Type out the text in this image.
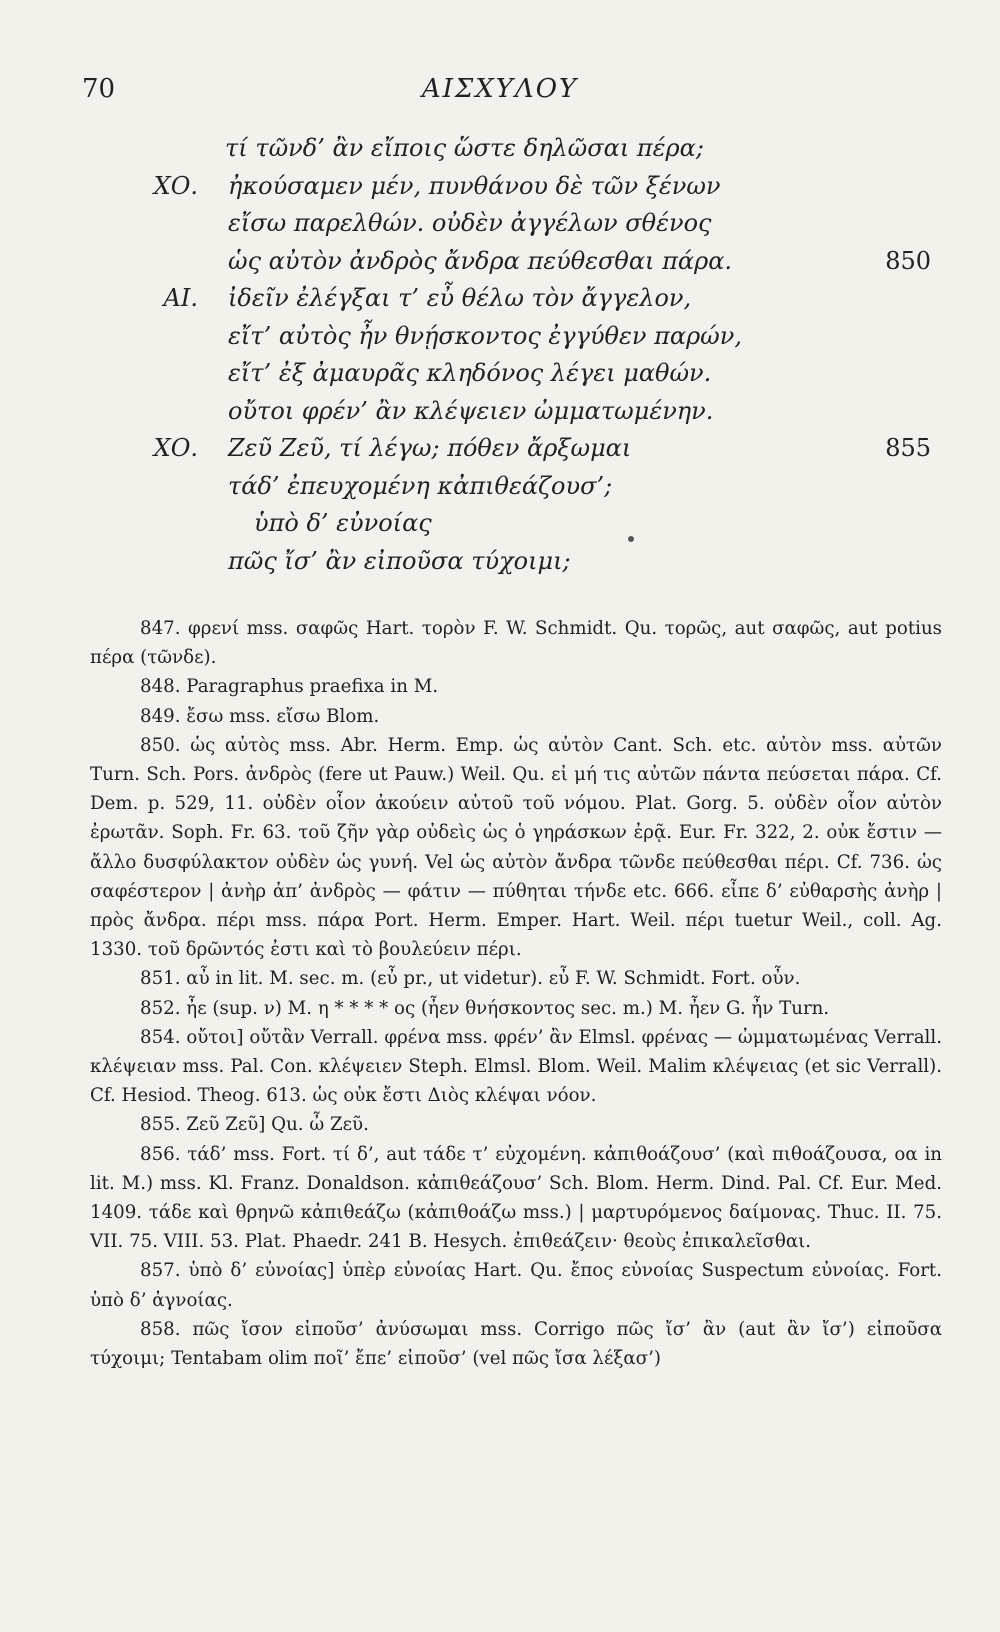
70	ΑΙΣΧΥΛΟΥ
τί τῶνδ’ ἂν εἴποις ὥστε δηλῶσαι πέρα;
ΧΟ. ἠκούσαμεν μέν, πυνθάνου δὲ τῶν ξένων
εἴσω παρελθών. οὐδὲν ἀγγέλων σθένος
ὡς αὐτὸν ἀνδρὸς ἄνδρα πεύθεσθαι πάρα.	850
ΑΙ. ἰδεῖν ἐλέγξαι τ’ εὖ θέλω τὸν ἄγγελον,
εἴτ’ αὐτὸς ἦν θνῄσκοντος ἐγγύθεν παρών,
εἴτ’ ἐξ ἀμαυρᾶς κληδόνος λέγει μαθών.
οὔτοι φρέν’ ἂν κλέψειεν ὠμματωμένην.
ΧΟ. Ζεῦ Ζεῦ, τί λέγω; πόθεν ἄρξωμαι	855
τάδ’ ἐπευχομένη κἀπιθεάζουσ’;
ὑπὸ δ’ εὐνοίας
πῶς ἴσ’ ἂν εἰποῦσα τύχοιμι;

847. φρενί mss. σαφῶς Hart. τορὸν F. W. Schmidt. Qu. τορῶς, aut σαφῶς, aut potius πέρα (τῶνδε).

848. Paragraphus praefixa in M.

849. ἔσω mss. εἴσω Blom.

850. ὡς αὐτὸς mss. Abr. Herm. Emp. ὡς αὐτὸν Cant. Sch. etc. αὐτὸν mss. αὐτῶν Turn. Sch. Pors. ἀνδρὸς (fere ut Pauw.) Weil. Qu. εἰ μή τις αὐτῶν πάντα πεύσεται πάρα. Cf. Dem. p. 529, 11. οὐδὲν οἷον ἀκούειν αὐτοῦ τοῦ νόμου. Plat. Gorg. 5. οὐδὲν οἷον αὐτὸν ἐρωτᾶν. Soph. Fr. 63. τοῦ ζῆν γὰρ οὐδεὶς ὡς ὁ γηράσκων ἐρᾷ. Eur. Fr. 322, 2. οὐκ ἔστιν — ἄλλο δυσφύλακτον οὐδὲν ὡς γυνή. Vel ὡς αὐτὸν ἄνδρα τῶνδε πεύθεσθαι πέρι. Cf. 736. ὡς σαφέστερον | ἀνὴρ ἀπ’ ἀνδρὸς — φάτιν — πύθηται τήνδε etc. 666. εἶπε δ’ εὐθαρσὴς ἀνὴρ | πρὸς ἄνδρα. πέρι mss. πάρα Port. Herm. Emper. Hart. Weil. πέρι tuetur Weil., coll. Ag. 1330. τοῦ δρῶντός ἐστι καὶ τὸ βουλεύειν πέρι.

851. αὖ in lit. M. sec. m. (εὖ pr., ut videtur). εὖ F. W. Schmidt. Fort. οὖν.

852. ἦε (sup. ν) M. η * * * * ος (ἦεν θνήσκοντος sec. m.) M. ἦεν G. ἦν Turn.

854. οὔτοι] οὔτἂν Verrall. φρένα mss. φρέν’ ἂν Elmsl. φρένας — ὠμματωμένας Verrall. κλέψειαν mss. Pal. Con. κλέψειεν Steph. Elmsl. Blom. Weil. Malim κλέψειας (et sic Verrall). Cf. Hesiod. Theog. 613. ὡς οὐκ ἔστι Διὸς κλέψαι νόον.

855. Ζεῦ Ζεῦ] Qu. ὦ Ζεῦ.

856. τάδ’ mss. Fort. τί δ’, aut τάδε τ’ εὐχομένη. κἀπιθοάζουσ’ (καὶ πιθοάζουσα, οα in lit. M.) mss. Kl. Franz. Donaldson. κἀπιθεάζουσ’ Sch. Blom. Herm. Dind. Pal. Cf. Eur. Med. 1409. τάδε καὶ θρηνῶ κἀπιθεάζω (κἀπιθοάζω mss.) | μαρτυρόμενος δαίμονας. Thuc. II. 75. VII. 75. VIII. 53. Plat. Phaedr. 241 B. Hesych. ἐπιθεάζειν· θεοὺς ἐπικαλεῖσθαι.

857. ὑπὸ δ’ εὐνοίας] ὑπὲρ εὐνοίας Hart. Qu. ἔπος εὐνοίας Suspectum εὐνοίας. Fort. ὑπὸ δ’ ἀγνοίας.

858. πῶς ἴσον εἰποῦσ’ ἀνύσωμαι mss. Corrigo πῶς ἴσ’ ἂν (aut ἂν ἴσ’) εἰποῦσα τύχοιμι; Tentabam olim ποῖ’ ἔπε’ εἰποῦσ’ (vel πῶς ἴσα λέξασ’)
